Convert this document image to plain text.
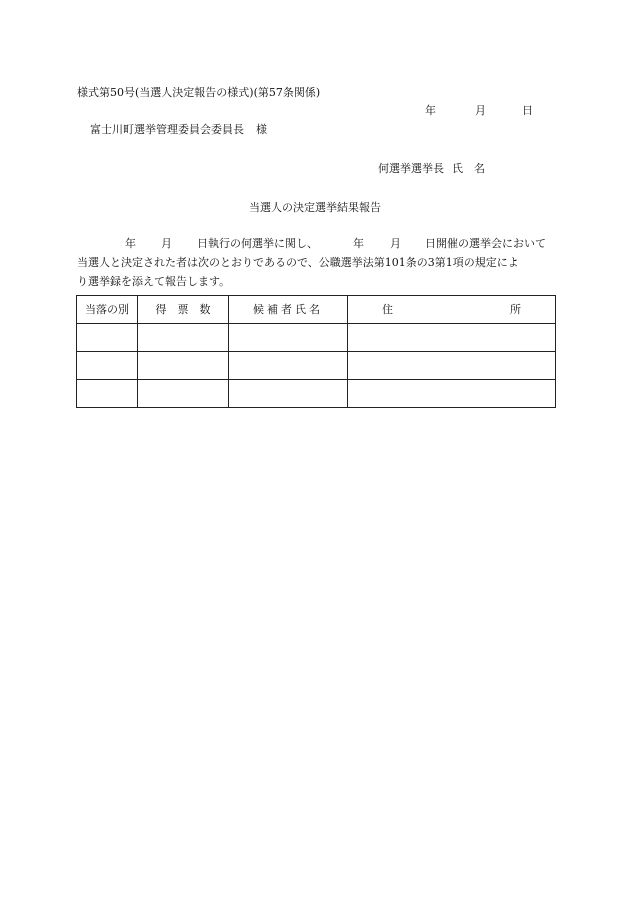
様式第50号(当選人決定報告の様式)(第57条関係)
年	月	日
富士川町選挙管理委員会委員長 様
何選挙選挙長 氏　名
当選人の決定選挙結果報告
年 月 日執行の何選挙に関し、	年 月 日開催の選挙会において
当選人と決定された者は次のとおりであるので、公職選挙法第101条の3第1項の規定によ
り選挙録を添えて報告します。
当落の別	得　票　数	候補者氏名	住 所
